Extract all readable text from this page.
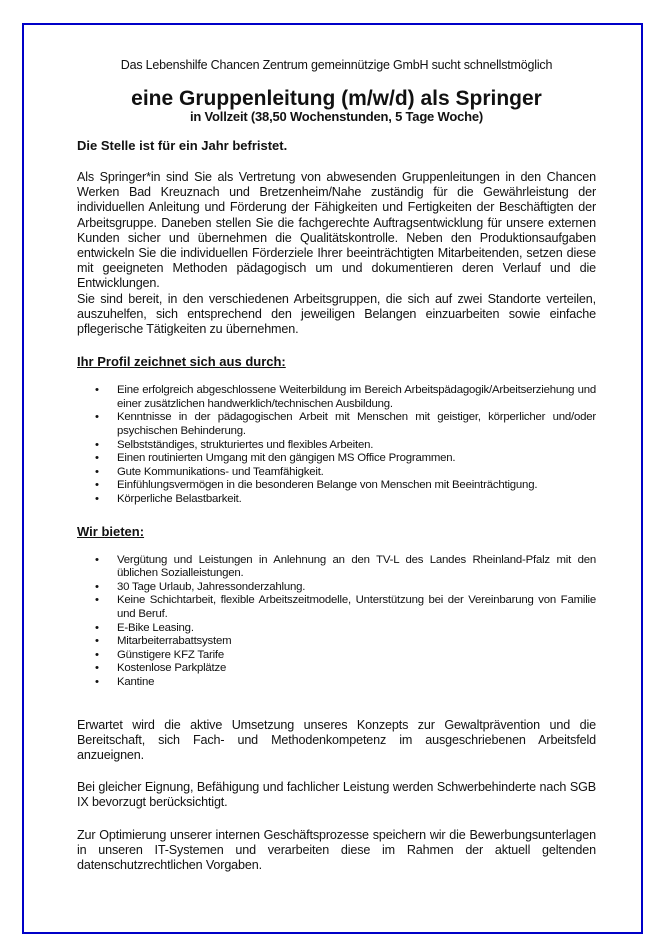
Das Lebenshilfe Chancen Zentrum gemeinnützige GmbH sucht schnellstmöglich

eine Gruppenleitung (m/w/d) als Springer

in Vollzeit (38,50 Wochenstunden, 5 Tage Woche)

Die Stelle ist für ein Jahr befristet.

Als Springer*in sind Sie als Vertretung von abwesenden Gruppenleitungen in den Chancen Werken Bad Kreuznach und Bretzenheim/Nahe zuständig für die Gewährleistung der individuellen Anleitung und Förderung der Fähigkeiten und Fertigkeiten der Beschäftigten der Arbeitsgruppe. Daneben stellen Sie die fachgerechte Auftragsentwicklung für unsere externen Kunden sicher und übernehmen die Qualitätskontrolle. Neben den Produktionsaufgaben entwickeln Sie die individuellen Förderziele Ihrer beeinträchtigten Mitarbeitenden, setzen diese mit geeigneten Methoden pädagogisch um und dokumentieren deren Verlauf und die Entwicklungen.

Sie sind bereit, in den verschiedenen Arbeitsgruppen, die sich auf zwei Standorte verteilen, auszuhelfen, sich entsprechend den jeweiligen Belangen einzuarbeiten sowie einfache pflegerische Tätigkeiten zu übernehmen.

Ihr Profil zeichnet sich aus durch:

• Eine erfolgreich abgeschlossene Weiterbildung im Bereich Arbeitspädagogik/Arbeitserziehung und einer zusätzlichen handwerklich/technischen Ausbildung.
• Kenntnisse in der pädagogischen Arbeit mit Menschen mit geistiger, körperlicher und/oder psychischen Behinderung.
• Selbstständiges, strukturiertes und flexibles Arbeiten.
• Einen routinierten Umgang mit den gängigen MS Office Programmen.
• Gute Kommunikations- und Teamfähigkeit.
• Einfühlungsvermögen in die besonderen Belange von Menschen mit Beeinträchtigung.
• Körperliche Belastbarkeit.

Wir bieten:

• Vergütung und Leistungen in Anlehnung an den TV-L des Landes Rheinland-Pfalz mit den üblichen Sozialleistungen.
• 30 Tage Urlaub, Jahressonderzahlung.
• Keine Schichtarbeit, flexible Arbeitszeitmodelle, Unterstützung bei der Vereinbarung von Familie und Beruf.
• E-Bike Leasing.
• Mitarbeiterrabattsystem
• Günstigere KFZ Tarife
• Kostenlose Parkplätze
• Kantine

Erwartet wird die aktive Umsetzung unseres Konzepts zur Gewaltprävention und die Bereitschaft, sich Fach- und Methodenkompetenz im ausgeschriebenen Arbeitsfeld anzueignen.

Bei gleicher Eignung, Befähigung und fachlicher Leistung werden Schwerbehinderte nach SGB IX bevorzugt berücksichtigt.

Zur Optimierung unserer internen Geschäftsprozesse speichern wir die Bewerbungsunterlagen in unseren IT-Systemen und verarbeiten diese im Rahmen der aktuell geltenden datenschutzrechtlichen Vorgaben.
